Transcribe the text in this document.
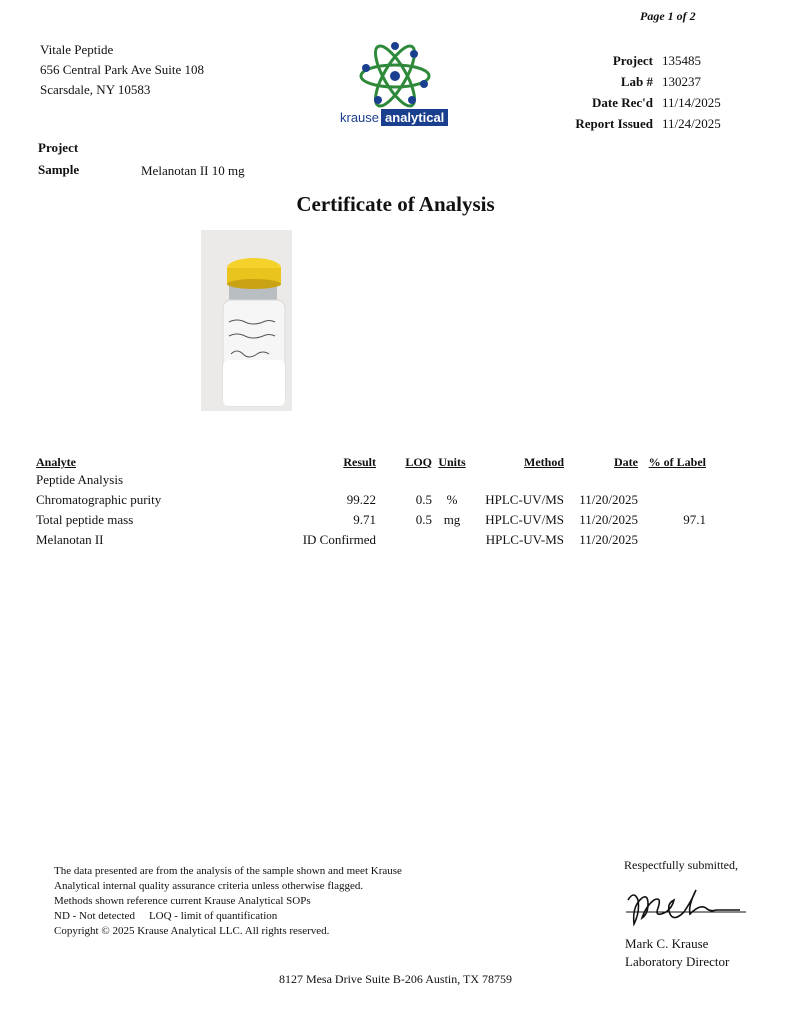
Page 1 of 2
Vitale Peptide
656 Central Park Ave Suite 108
Scarsdale, NY 10583
krause analytical
Project 135485
Lab # 130237
Date Rec'd 11/14/2025
Report Issued 11/24/2025
Project
Sample	Melanotan II 10 mg
Certificate of Analysis
Analyte	Result	LOQ	Units	Method	Date	% of Label
Peptide Analysis						
Chromatographic purity	99.22	0.5	%	HPLC-UV/MS	11/20/2025	
Total peptide mass	9.71	0.5	mg	HPLC-UV/MS	11/20/2025	97.1
Melanotan II	ID Confirmed			HPLC-UV-MS	11/20/2025	
The data presented are from the analysis of the sample shown and meet Krause
Analytical internal quality assurance criteria unless otherwise flagged.
Methods shown reference current Krause Analytical SOPs
ND - Not detected LOQ - limit of quantification
Copyright © 2025 Krause Analytical LLC. All rights reserved.
Respectfully submitted,
Mark C. Krause
Laboratory Director
8127 Mesa Drive Suite B-206 Austin, TX 78759
